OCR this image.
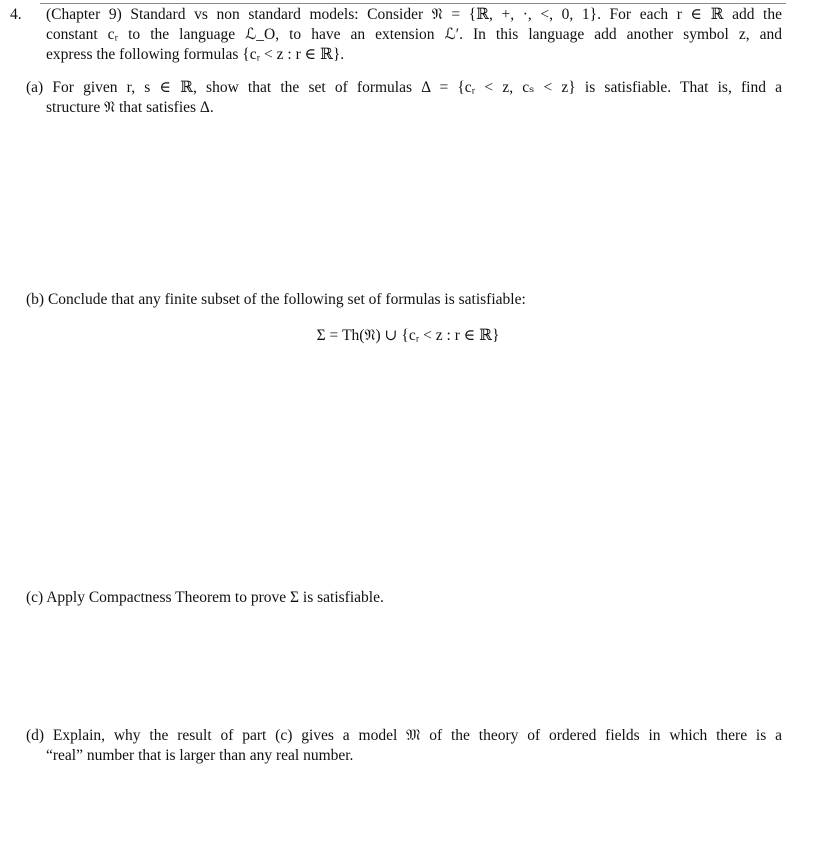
4. (Chapter 9) Standard vs non standard models: Consider 𝔑 = {ℝ, +, ·, <, 0, 1}. For each r ∈ ℝ add the
constant cᵣ to the language ℒ_O, to have an extension ℒ′. In this language add another symbol z, and
express the following formulas {cᵣ < z : r ∈ ℝ}.
(a) For given r, s ∈ ℝ, show that the set of formulas Δ = {cᵣ < z, cₛ < z} is satisfiable. That is, find a
structure 𝔑 that satisfies Δ.
(b) Conclude that any finite subset of the following set of formulas is satisfiable:
Σ = Th(𝔑) ∪ {cᵣ < z : r ∈ ℝ}
(c) Apply Compactness Theorem to prove Σ is satisfiable.
(d) Explain, why the result of part (c) gives a model 𝔐 of the theory of ordered fields in which there is a
“real” number that is larger than any real number.
